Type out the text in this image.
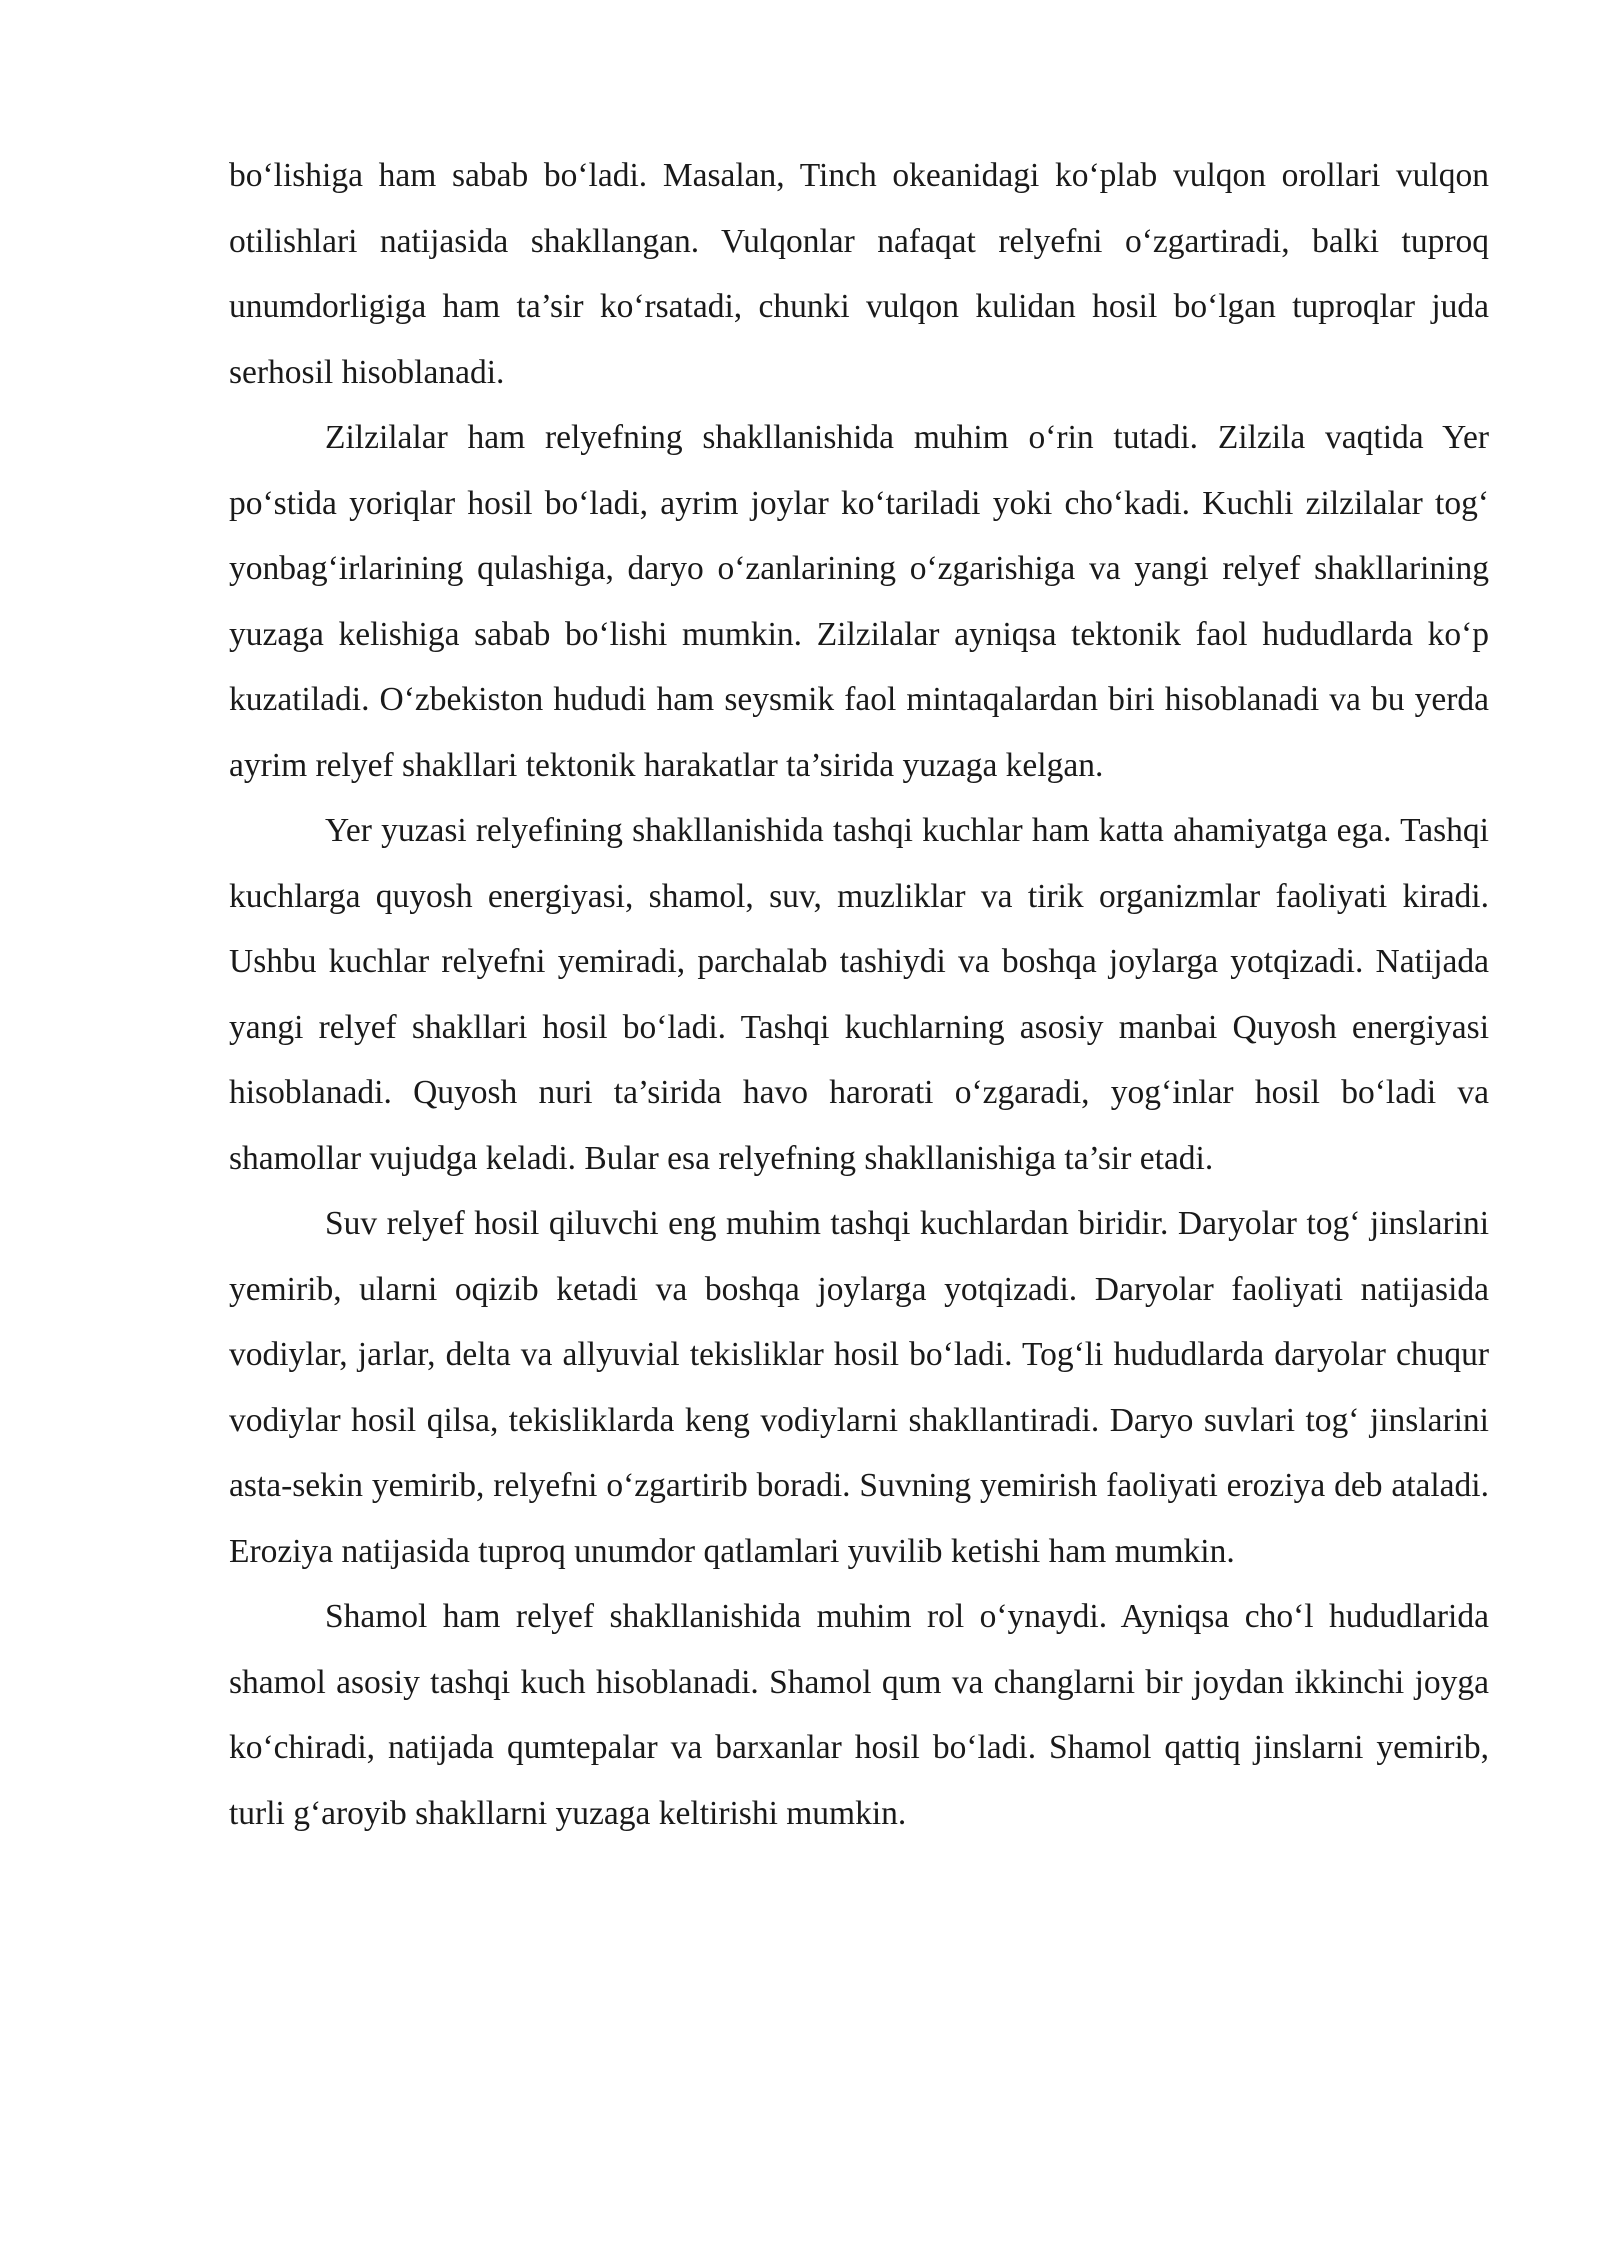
bo‘lishiga ham sabab bo‘ladi. Masalan, Tinch okeanidagi ko‘plab vulqon orollari vulqon otilishlari natijasida shakllangan. Vulqonlar nafaqat relyefni o‘zgartiradi, balki tuproq unumdorligiga ham ta’sir ko‘rsatadi, chunki vulqon kulidan hosil bo‘lgan tuproqlar juda serhosil hisoblanadi.

Zilzilalar ham relyefning shakllanishida muhim o‘rin tutadi. Zilzila vaqtida Yer po‘stida yoriqlar hosil bo‘ladi, ayrim joylar ko‘tariladi yoki cho‘kadi. Kuchli zilzilalar tog‘ yonbag‘irlarining qulashiga, daryo o‘zanlarining o‘zgarishiga va yangi relyef shakllarining yuzaga kelishiga sabab bo‘lishi mumkin. Zilzilalar ayniqsa tektonik faol hududlarda ko‘p kuzatiladi. O‘zbekiston hududi ham seysmik faol mintaqalardan biri hisoblanadi va bu yerda ayrim relyef shakllari tektonik harakatlar ta’sirida yuzaga kelgan.

Yer yuzasi relyefining shakllanishida tashqi kuchlar ham katta ahamiyatga ega. Tashqi kuchlarga quyosh energiyasi, shamol, suv, muzliklar va tirik organizmlar faoliyati kiradi. Ushbu kuchlar relyefni yemiradi, parchalab tashiydi va boshqa joylarga yotqizadi. Natijada yangi relyef shakllari hosil bo‘ladi. Tashqi kuchlarning asosiy manbai Quyosh energiyasi hisoblanadi. Quyosh nuri ta’sirida havo harorati o‘zgaradi, yog‘inlar hosil bo‘ladi va shamollar vujudga keladi. Bular esa relyefning shakllanishiga ta’sir etadi.

Suv relyef hosil qiluvchi eng muhim tashqi kuchlardan biridir. Daryolar tog‘ jinslarini yemirib, ularni oqizib ketadi va boshqa joylarga yotqizadi. Daryolar faoliyati natijasida vodiylar, jarlar, delta va allyuvial tekisliklar hosil bo‘ladi. Tog‘li hududlarda daryolar chuqur vodiylar hosil qilsa, tekisliklarda keng vodiylarni shakllantiradi. Daryo suvlari tog‘ jinslarini asta-sekin yemirib, relyefni o‘zgartirib boradi. Suvning yemirish faoliyati eroziya deb ataladi. Eroziya natijasida tuproq unumdor qatlamlari yuvilib ketishi ham mumkin.

Shamol ham relyef shakllanishida muhim rol o‘ynaydi. Ayniqsa cho‘l hududlarida shamol asosiy tashqi kuch hisoblanadi. Shamol qum va changlarni bir joydan ikkinchi joyga ko‘chiradi, natijada qumtepalar va barxanlar hosil bo‘ladi. Shamol qattiq jinslarni yemirib, turli g‘aroyib shakllarni yuzaga keltirishi mumkin.
